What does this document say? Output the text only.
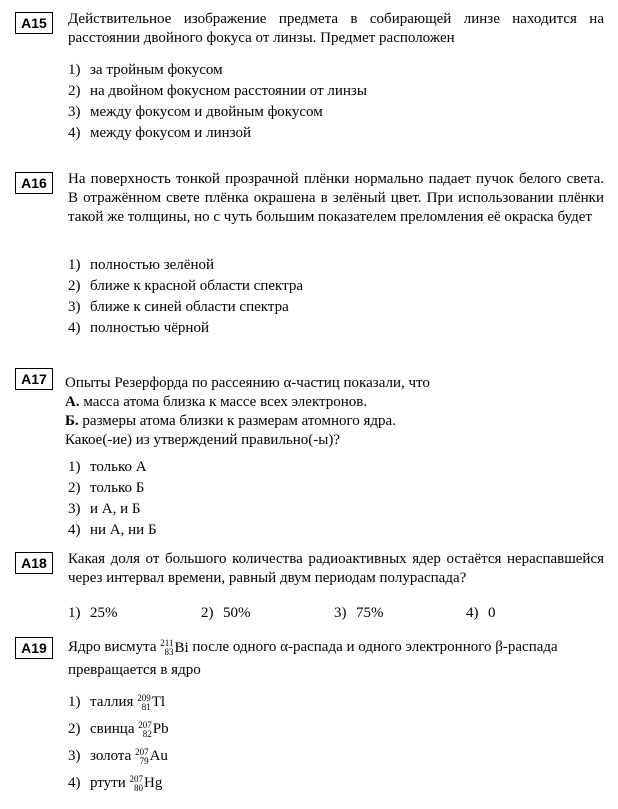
A15	Действительное изображение предмета в собирающей линзе находится на расстоянии двойного фокуса от линзы. Предмет расположен
1) за тройным фокусом
2) на двойном фокусном расстоянии от линзы
3) между фокусом и двойным фокусом
4) между фокусом и линзой
A16	На поверхность тонкой прозрачной плёнки нормально падает пучок белого света. В отражённом свете плёнка окрашена в зелёный цвет. При использовании плёнки такой же толщины, но с чуть большим показателем преломления её окраска будет
1) полностью зелёной
2) ближе к красной области спектра
3) ближе к синей области спектра
4) полностью чёрной
A17	Опыты Резерфорда по рассеянию α-частиц показали, что
А. масса атома близка к массе всех электронов.
Б. размеры атома близки к размерам атомного ядра.
Какое(-ие) из утверждений правильно(-ы)?
1) только А
2) только Б
3) и А, и Б
4) ни А, ни Б
A18	Какая доля от большого количества радиоактивных ядер остаётся нераспавшейся через интервал времени, равный двум периодам полураспада?
1) 25%	2) 50%	3) 75%	4) 0
A19	Ядро висмута 211
83 Bi после одного α-распада и одного электронного β-распада превращается в ядро
1) таллия 209
81 Tl
2) свинца 207
82 Pb
3) золота 207
79 Au
4) ртути 207
80 Hg
